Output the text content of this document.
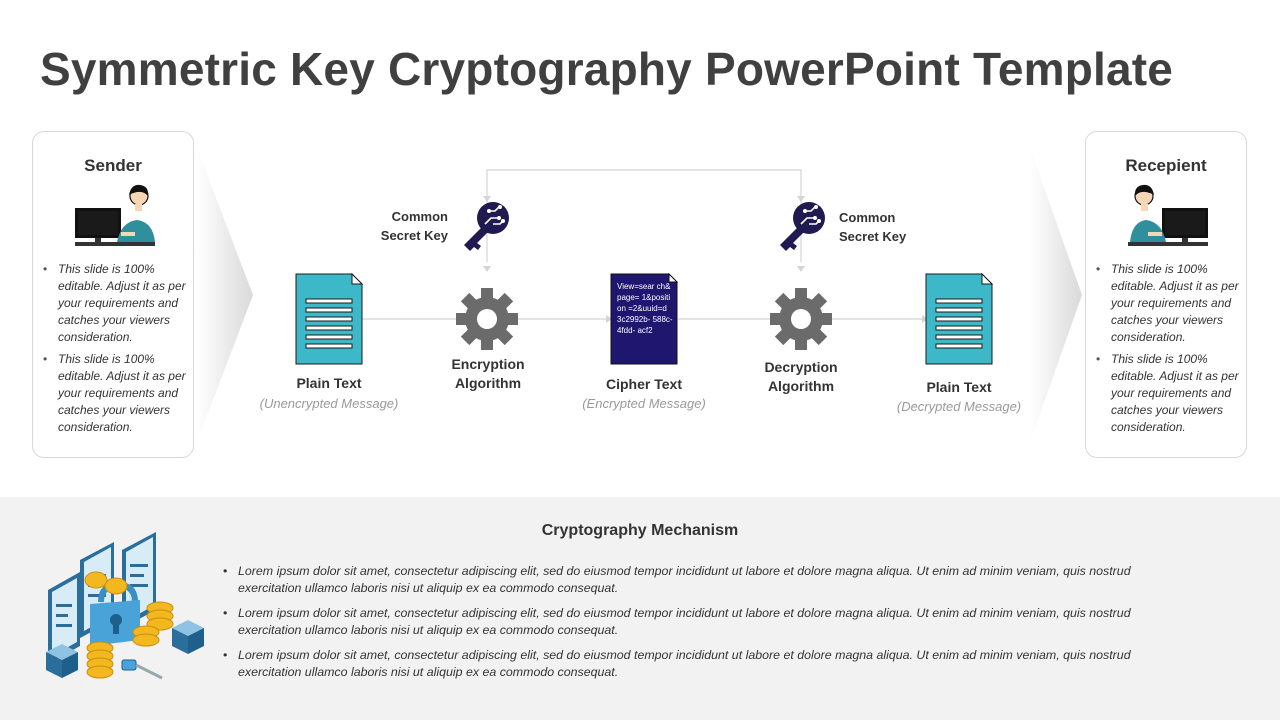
Symmetric Key Cryptography PowerPoint Template
Sender
• This slide is 100% editable. Adjust it as per your requirements and catches your viewers consideration.
• This slide is 100% editable. Adjust it as per your requirements and catches your viewers consideration.
Recepient
• This slide is 100% editable. Adjust it as per your requirements and catches your viewers consideration.
• This slide is 100% editable. Adjust it as per your requirements and catches your viewers consideration.
View=sear ch&page= 1&position =2&uuid=d 3c2992b- 588c-4fdd- acf2
Common
Secret Key
Common
Secret Key
Plain Text
(Unencrypted Message)
Encryption
Algorithm	Cipher Text
(Encrypted Message)
Decryption
Algorithm	Plain Text
(Decrypted Message)
Cryptography Mechanism
• Lorem ipsum dolor sit amet, consectetur adipiscing elit, sed do eiusmod tempor incididunt ut labore et dolore magna aliqua. Ut enim ad minim veniam, quis nostrud exercitation ullamco laboris nisi ut aliquip ex ea commodo consequat.
• Lorem ipsum dolor sit amet, consectetur adipiscing elit, sed do eiusmod tempor incididunt ut labore et dolore magna aliqua. Ut enim ad minim veniam, quis nostrud exercitation ullamco laboris nisi ut aliquip ex ea commodo consequat.
• Lorem ipsum dolor sit amet, consectetur adipiscing elit, sed do eiusmod tempor incididunt ut labore et dolore magna aliqua. Ut enim ad minim veniam, quis nostrud exercitation ullamco laboris nisi ut aliquip ex ea commodo consequat.
